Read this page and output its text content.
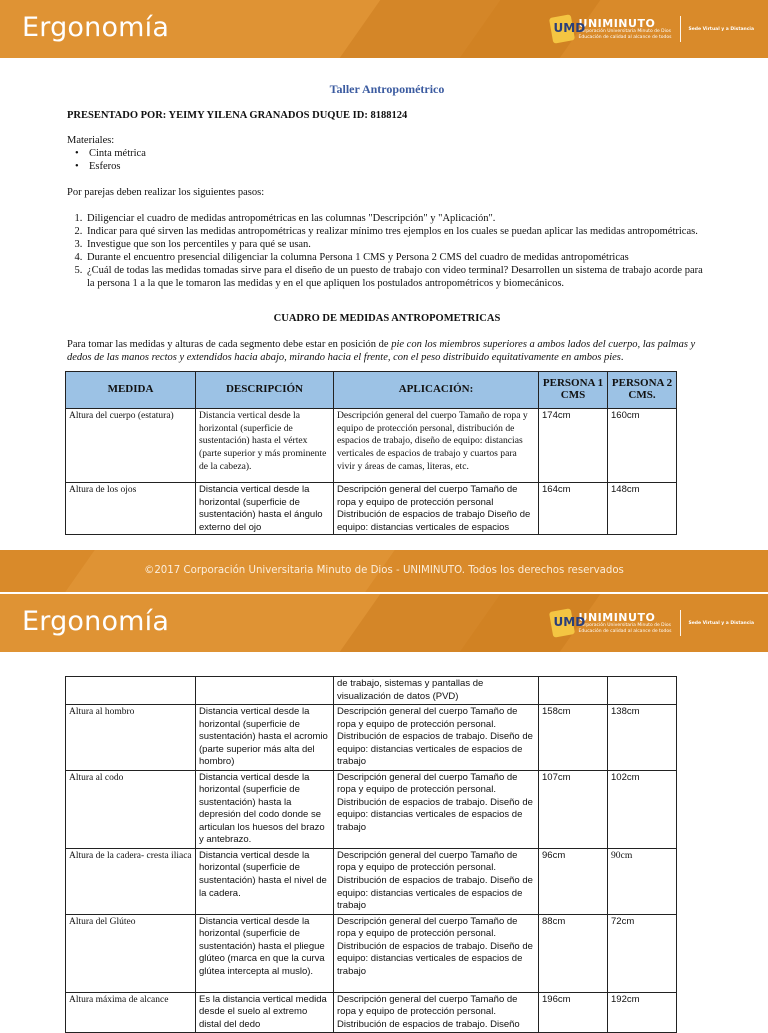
Ergonomía	UMD
UNIMINUTO
Corporación Universitaria Minuto de Dios
Educación de calidad al alcance de todos
Sede Virtual y a Distancia
Taller Antropométrico
PRESENTADO POR: YEIMY YILENA GRANADOS DUQUE ID: 8188124
Materiales:
• Cinta métrica
• Esferos
Por parejas deben realizar los siguientes pasos:
1. Diligenciar el cuadro de medidas antropométricas en las columnas "Descripción" y "Aplicación".
2. Indicar para qué sirven las medidas antropométricas y realizar mínimo tres ejemplos en los cuales se puedan aplicar las medidas antropométricas.
3. Investigue que son los percentiles y para qué se usan.
4. Durante el encuentro presencial diligenciar la columna Persona 1 CMS y Persona 2 CMS del cuadro de medidas antropométricas
5. ¿Cuál de todas las medidas tomadas sirve para el diseño de un puesto de trabajo con video terminal? Desarrollen un sistema de trabajo acorde para la persona 1 a la que le tomaron las medidas y en el que apliquen los postulados antropométricos y biomecánicos.
CUADRO DE MEDIDAS ANTROPOMETRICAS
Para tomar las medidas y alturas de cada segmento debe estar en posición de pie con los miembros superiores a ambos lados del cuerpo, las palmas y dedos de las manos rectos y extendidos hacia abajo, mirando hacia el frente, con el peso distribuido equitativamente en ambos pies.
MEDIDA	DESCRIPCIÓN	APLICACIÓN:	PERSONA 1 CMS	PERSONA 2 CMS.
Altura del cuerpo (estatura)	Distancia vertical desde la horizontal (superficie de sustentación) hasta el vértex (parte superior y más prominente de la cabeza).	Descripción general del cuerpo Tamaño de ropa y equipo de protección personal, distribución de espacios de trabajo, diseño de equipo: distancias verticales de espacios de trabajo y cuartos para vivir y áreas de camas, literas, etc.	174cm	160cm
Altura de los ojos	Distancia vertical desde la horizontal (superficie de sustentación) hasta el ángulo externo del ojo	Descripción general del cuerpo Tamaño de ropa y equipo de protección personal Distribución de espacios de trabajo Diseño de equipo: distancias verticales de espacios	164cm	148cm
©2017 Corporación Universitaria Minuto de Dios - UNIMINUTO. Todos los derechos reservados
Ergonomía	UMD
UNIMINUTO
Corporación Universitaria Minuto de Dios
Educación de calidad al alcance de todos
Sede Virtual y a Distancia
		de trabajo, sistemas y pantallas de visualización de datos (PVD)		
Altura al hombro	Distancia vertical desde la horizontal (superficie de sustentación) hasta el acromio (parte superior más alta del hombro)	Descripción general del cuerpo Tamaño de ropa y equipo de protección personal. Distribución de espacios de trabajo. Diseño de equipo: distancias verticales de espacios de trabajo	158cm	138cm
Altura al codo	Distancia vertical desde la horizontal (superficie de sustentación) hasta la depresión del codo donde se articulan los huesos del brazo y antebrazo.	Descripción general del cuerpo Tamaño de ropa y equipo de protección personal. Distribución de espacios de trabajo. Diseño de equipo: distancias verticales de espacios de trabajo	107cm	102cm
Altura de la cadera- cresta iliaca	Distancia vertical desde la horizontal (superficie de sustentación) hasta el nivel de la cadera.	Descripción general del cuerpo Tamaño de ropa y equipo de protección personal. Distribución de espacios de trabajo. Diseño de equipo: distancias verticales de espacios de trabajo	96cm	90cm
Altura del Glúteo	Distancia vertical desde la horizontal (superficie de sustentación) hasta el pliegue glúteo (marca en que la curva glútea intercepta al muslo).	Descripción general del cuerpo Tamaño de ropa y equipo de protección personal. Distribución de espacios de trabajo. Diseño de equipo: distancias verticales de espacios de trabajo	88cm	72cm
Altura máxima de alcance	Es la distancia vertical medida desde el suelo al extremo distal del dedo	Descripción general del cuerpo Tamaño de ropa y equipo de protección personal. Distribución de espacios de trabajo. Diseño	196cm	192cm
